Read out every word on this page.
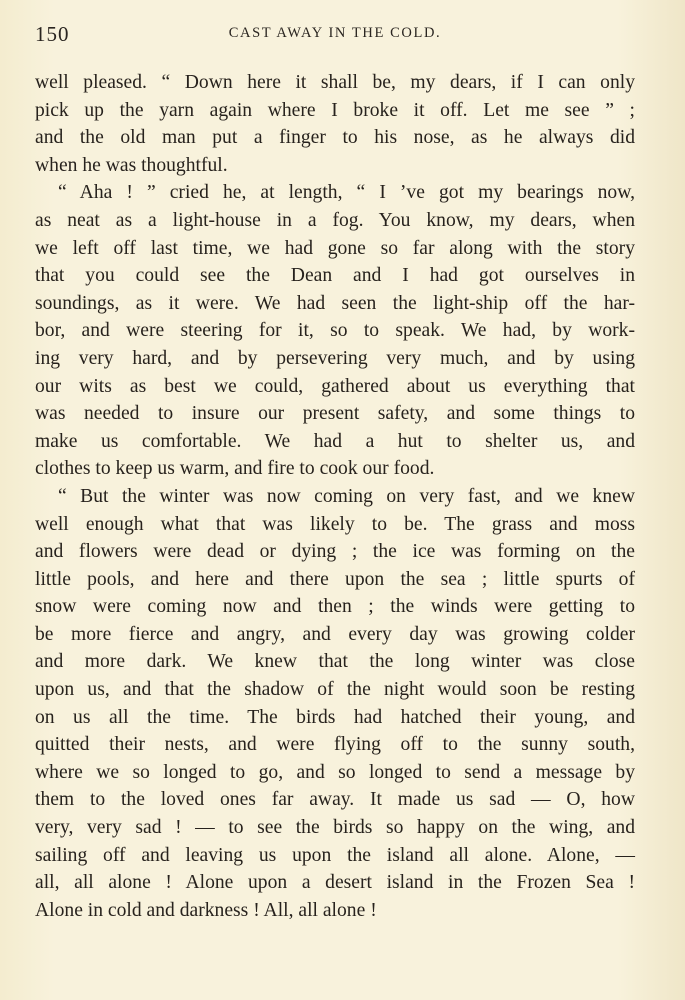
150	CAST AWAY IN THE COLD.
well pleased. “ Down here it shall be, my dears, if I can only
pick up the yarn again where I broke it off. Let me see ” ;
and the old man put a finger to his nose, as he always did
when he was thoughtful.
“ Aha ! ” cried he, at length, “ I ’ve got my bearings now,
as neat as a light-house in a fog. You know, my dears, when
we left off last time, we had gone so far along with the story
that you could see the Dean and I had got ourselves in
soundings, as it were. We had seen the light-ship off the har-
bor, and were steering for it, so to speak. We had, by work-
ing very hard, and by persevering very much, and by using
our wits as best we could, gathered about us everything that
was needed to insure our present safety, and some things to
make us comfortable. We had a hut to shelter us, and
clothes to keep us warm, and fire to cook our food.
“ But the winter was now coming on very fast, and we knew
well enough what that was likely to be. The grass and moss
and flowers were dead or dying ; the ice was forming on the
little pools, and here and there upon the sea ; little spurts of
snow were coming now and then ; the winds were getting to
be more fierce and angry, and every day was growing colder
and more dark. We knew that the long winter was close
upon us, and that the shadow of the night would soon be resting
on us all the time. The birds had hatched their young, and
quitted their nests, and were flying off to the sunny south,
where we so longed to go, and so longed to send a message by
them to the loved ones far away. It made us sad — O, how
very, very sad ! — to see the birds so happy on the wing, and
sailing off and leaving us upon the island all alone. Alone, —
all, all alone ! Alone upon a desert island in the Frozen Sea !
Alone in cold and darkness ! All, all alone !
